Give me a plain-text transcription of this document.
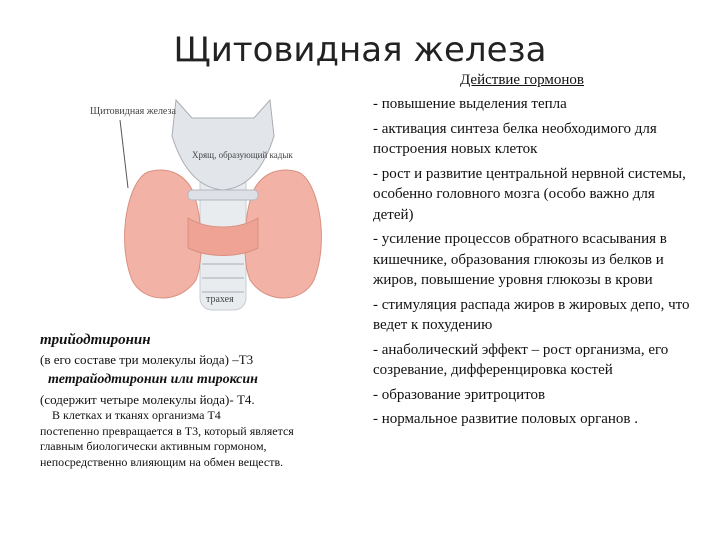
Щитовидная железа
Щитовидная железа
Хрящ, образующий кадык
трахея
трийодтиронин
(в его составе три молекулы йода) –Т3
тетрайодтиронин или тироксин
(содержит четыре молекулы йода)- Т4.
В клетках и тканях организма Т4
постепенно превращается в Т3, который является главным биологически активным гормоном, непосредственно влияющим на обмен веществ.
Действие гормонов
- повышение выделения тепла
- активация синтеза белка необходимого для построения новых клеток
- рост и развитие центральной нервной системы, особенно головного мозга (особо важно для детей)
- усиление процессов обратного всасывания в кишечнике, образования глюкозы из белков и жиров, повышение уровня глюкозы в крови
- стимуляция распада жиров в жировых депо, что ведет к похудению
- анаболический эффект – рост организма, его созревание, дифференцировка костей
- образование эритроцитов
- нормальное развитие половых органов .
